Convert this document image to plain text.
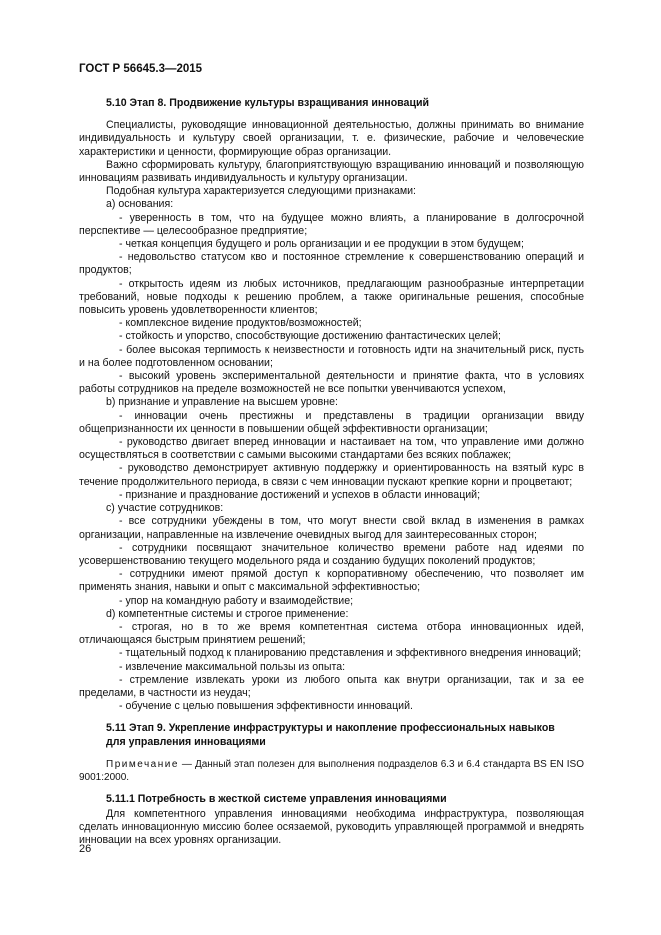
ГОСТ Р 56645.3—2015
5.10 Этап 8. Продвижение культуры взращивания инноваций

Специалисты, руководящие инновационной деятельностью, должны принимать во внимание индивидуальность и культуру своей организации, т. е. физические, рабочие и человеческие характеристики и ценности, формирующие образ организации.

Важно сформировать культуру, благоприятствующую взращиванию инноваций и позволяющую инновациям развивать индивидуальность и культуру организации.

Подобная культура характеризуется следующими признаками:

а) основания:

- уверенность в том, что на будущее можно влиять, а планирование в долгосрочной перспективе — целесообразное предприятие;

- четкая концепция будущего и роль организации и ее продукции в этом будущем;

- недовольство статусом кво и постоянное стремление к совершенствованию операций и продуктов;

- открытость идеям из любых источников, предлагающим разнообразные интерпретации требований, новые подходы к решению проблем, а также оригинальные решения, способные повысить уровень удовлетворенности клиентов;

- комплексное видение продуктов/возможностей;

- стойкость и упорство, способствующие достижению фантастических целей;

- более высокая терпимость к неизвестности и готовность идти на значительный риск, пусть и на более подготовленном основании;

- высокий уровень экспериментальной деятельности и принятие факта, что в условиях работы сотрудников на пределе возможностей не все попытки увенчиваются успехом,

b) признание и управление на высшем уровне:

- инновации очень престижны и представлены в традиции организации ввиду общепризнанности их ценности в повышении общей эффективности организации;

- руководство двигает вперед инновации и настаивает на том, что управление ими должно осуществляться в соответствии с самыми высокими стандартами без всяких поблажек;

- руководство демонстрирует активную поддержку и ориентированность на взятый курс в течение продолжительного периода, в связи с чем инновации пускают крепкие корни и процветают;

- признание и празднование достижений и успехов в области инноваций;

с) участие сотрудников:

- все сотрудники убеждены в том, что могут внести свой вклад в изменения в рамках организации, направленные на извлечение очевидных выгод для заинтересованных сторон;

- сотрудники посвящают значительное количество времени работе над идеями по усовершенствованию текущего модельного ряда и созданию будущих поколений продуктов;

- сотрудники имеют прямой доступ к корпоративному обеспечению, что позволяет им применять знания, навыки и опыт с максимальной эффективностью;

- упор на командную работу и взаимодействие;

d) компетентные системы и строгое применение:

- строгая, но в то же время компетентная система отбора инновационных идей, отличающаяся быстрым принятием решений;

- тщательный подход к планированию представления и эффективного внедрения инноваций;

- извлечение максимальной пользы из опыта:

- стремление извлекать уроки из любого опыта как внутри организации, так и за ее пределами, в частности из неудач;

- обучение с целью повышения эффективности инноваций.

5.11 Этап 9. Укрепление инфраструктуры и накопление профессиональных навыков
для управления инновациями

Примечание — Данный этап полезен для выполнения подразделов 6.3 и 6.4 стандарта BS EN ISO 9001:2000.

5.11.1 Потребность в жесткой системе управления инновациями

Для компетентного управления инновациями необходима инфраструктура, позволяющая сделать инновационную миссию более осязаемой, руководить управляющей программой и внедрять инновации на всех уровнях организации.

26
